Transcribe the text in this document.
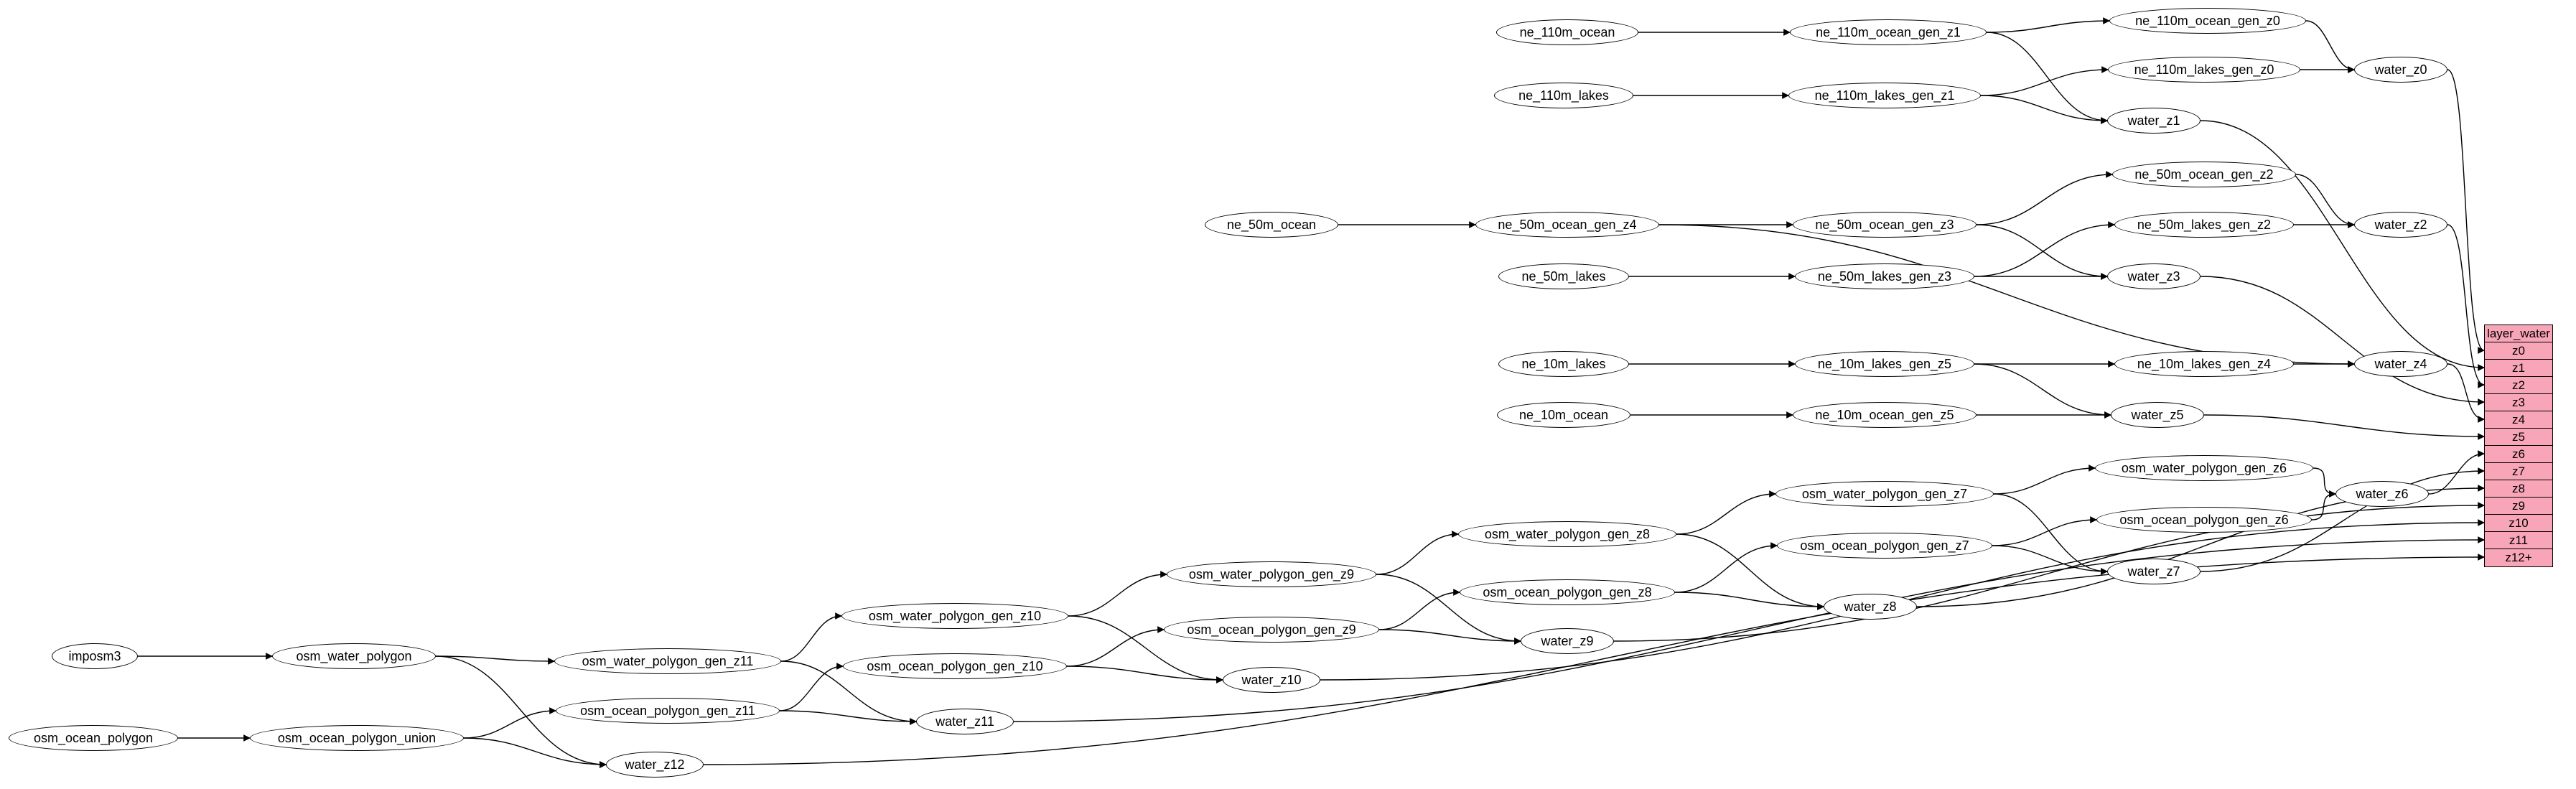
imposm3	osm_water_polygon
osm_ocean_polygon	osm_ocean_polygon_union
ne_110m_ocean	ne_110m_ocean_gen_z1
ne_110m_ocean_gen_z0
water_z0
ne_110m_lakes	ne_110m_lakes_gen_z1
ne_110m_lakes_gen_z0
water_z1
ne_50m_ocean	ne_50m_ocean_gen_z4	ne_50m_ocean_gen_z3
ne_50m_ocean_gen_z2
water_z2
ne_50m_lakes	ne_50m_lakes_gen_z3
ne_50m_lakes_gen_z2
water_z3
ne_10m_lakes	ne_10m_lakes_gen_z5	ne_10m_lakes_gen_z4	water_z4
ne_10m_ocean	ne_10m_ocean_gen_z5	water_z5
osm_water_polygon_gen_z6
water_z6
osm_water_polygon_gen_z7
osm_ocean_polygon_gen_z6
osm_water_polygon_gen_z8
osm_ocean_polygon_gen_z7
water_z7
osm_water_polygon_gen_z9
osm_ocean_polygon_gen_z8
water_z8
osm_water_polygon_gen_z10
osm_ocean_polygon_gen_z9
water_z9
osm_water_polygon_gen_z11	osm_ocean_polygon_gen_z10
water_z10
osm_ocean_polygon_gen_z11
water_z11
water_z12
layer_water
z0
z1
z2
z3
z4
z5
z6
z7
z8
z9
z10
z11
z12+
